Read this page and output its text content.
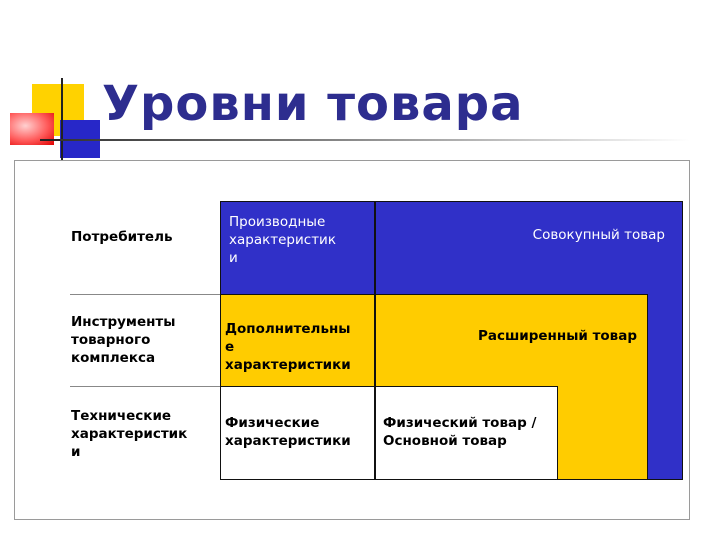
Уровни товара

Потребитель

Инструменты
товарного
комплекса

Технические
характеристик
и

Производные
характеристик
и

Совокупный товар

Дополнительны
е
характеристики

Расширенный товар

Физические
характеристики

Физический товар /
Основной товар
